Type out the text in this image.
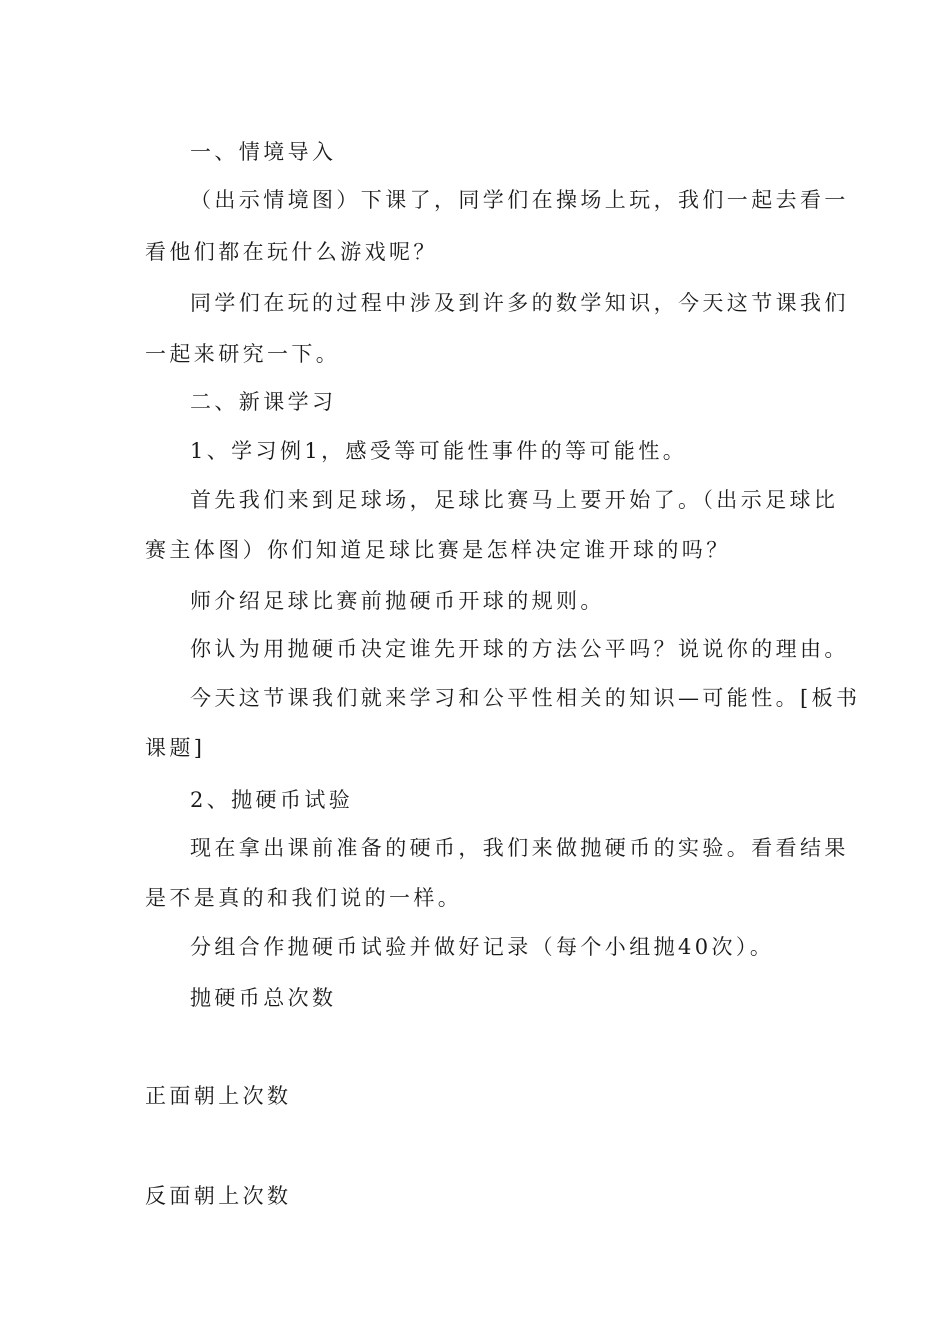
一、情境导入
（出示情境图）下课了，同学们在操场上玩，我们一起去看一
看他们都在玩什么游戏呢？
同学们在玩的过程中涉及到许多的数学知识，今天这节课我们
一起来研究一下。
二、新课学习
1、学习例1，感受等可能性事件的等可能性。
首先我们来到足球场，足球比赛马上要开始了。（出示足球比
赛主体图）你们知道足球比赛是怎样决定谁开球的吗？
师介绍足球比赛前抛硬币开球的规则。
你认为用抛硬币决定谁先开球的方法公平吗？说说你的理由。
今天这节课我们就来学习和公平性相关的知识—可能性。[板书
课题]
2、抛硬币试验
现在拿出课前准备的硬币，我们来做抛硬币的实验。看看结果
是不是真的和我们说的一样。
分组合作抛硬币试验并做好记录（每个小组抛40次）。
抛硬币总次数
正面朝上次数
反面朝上次数
